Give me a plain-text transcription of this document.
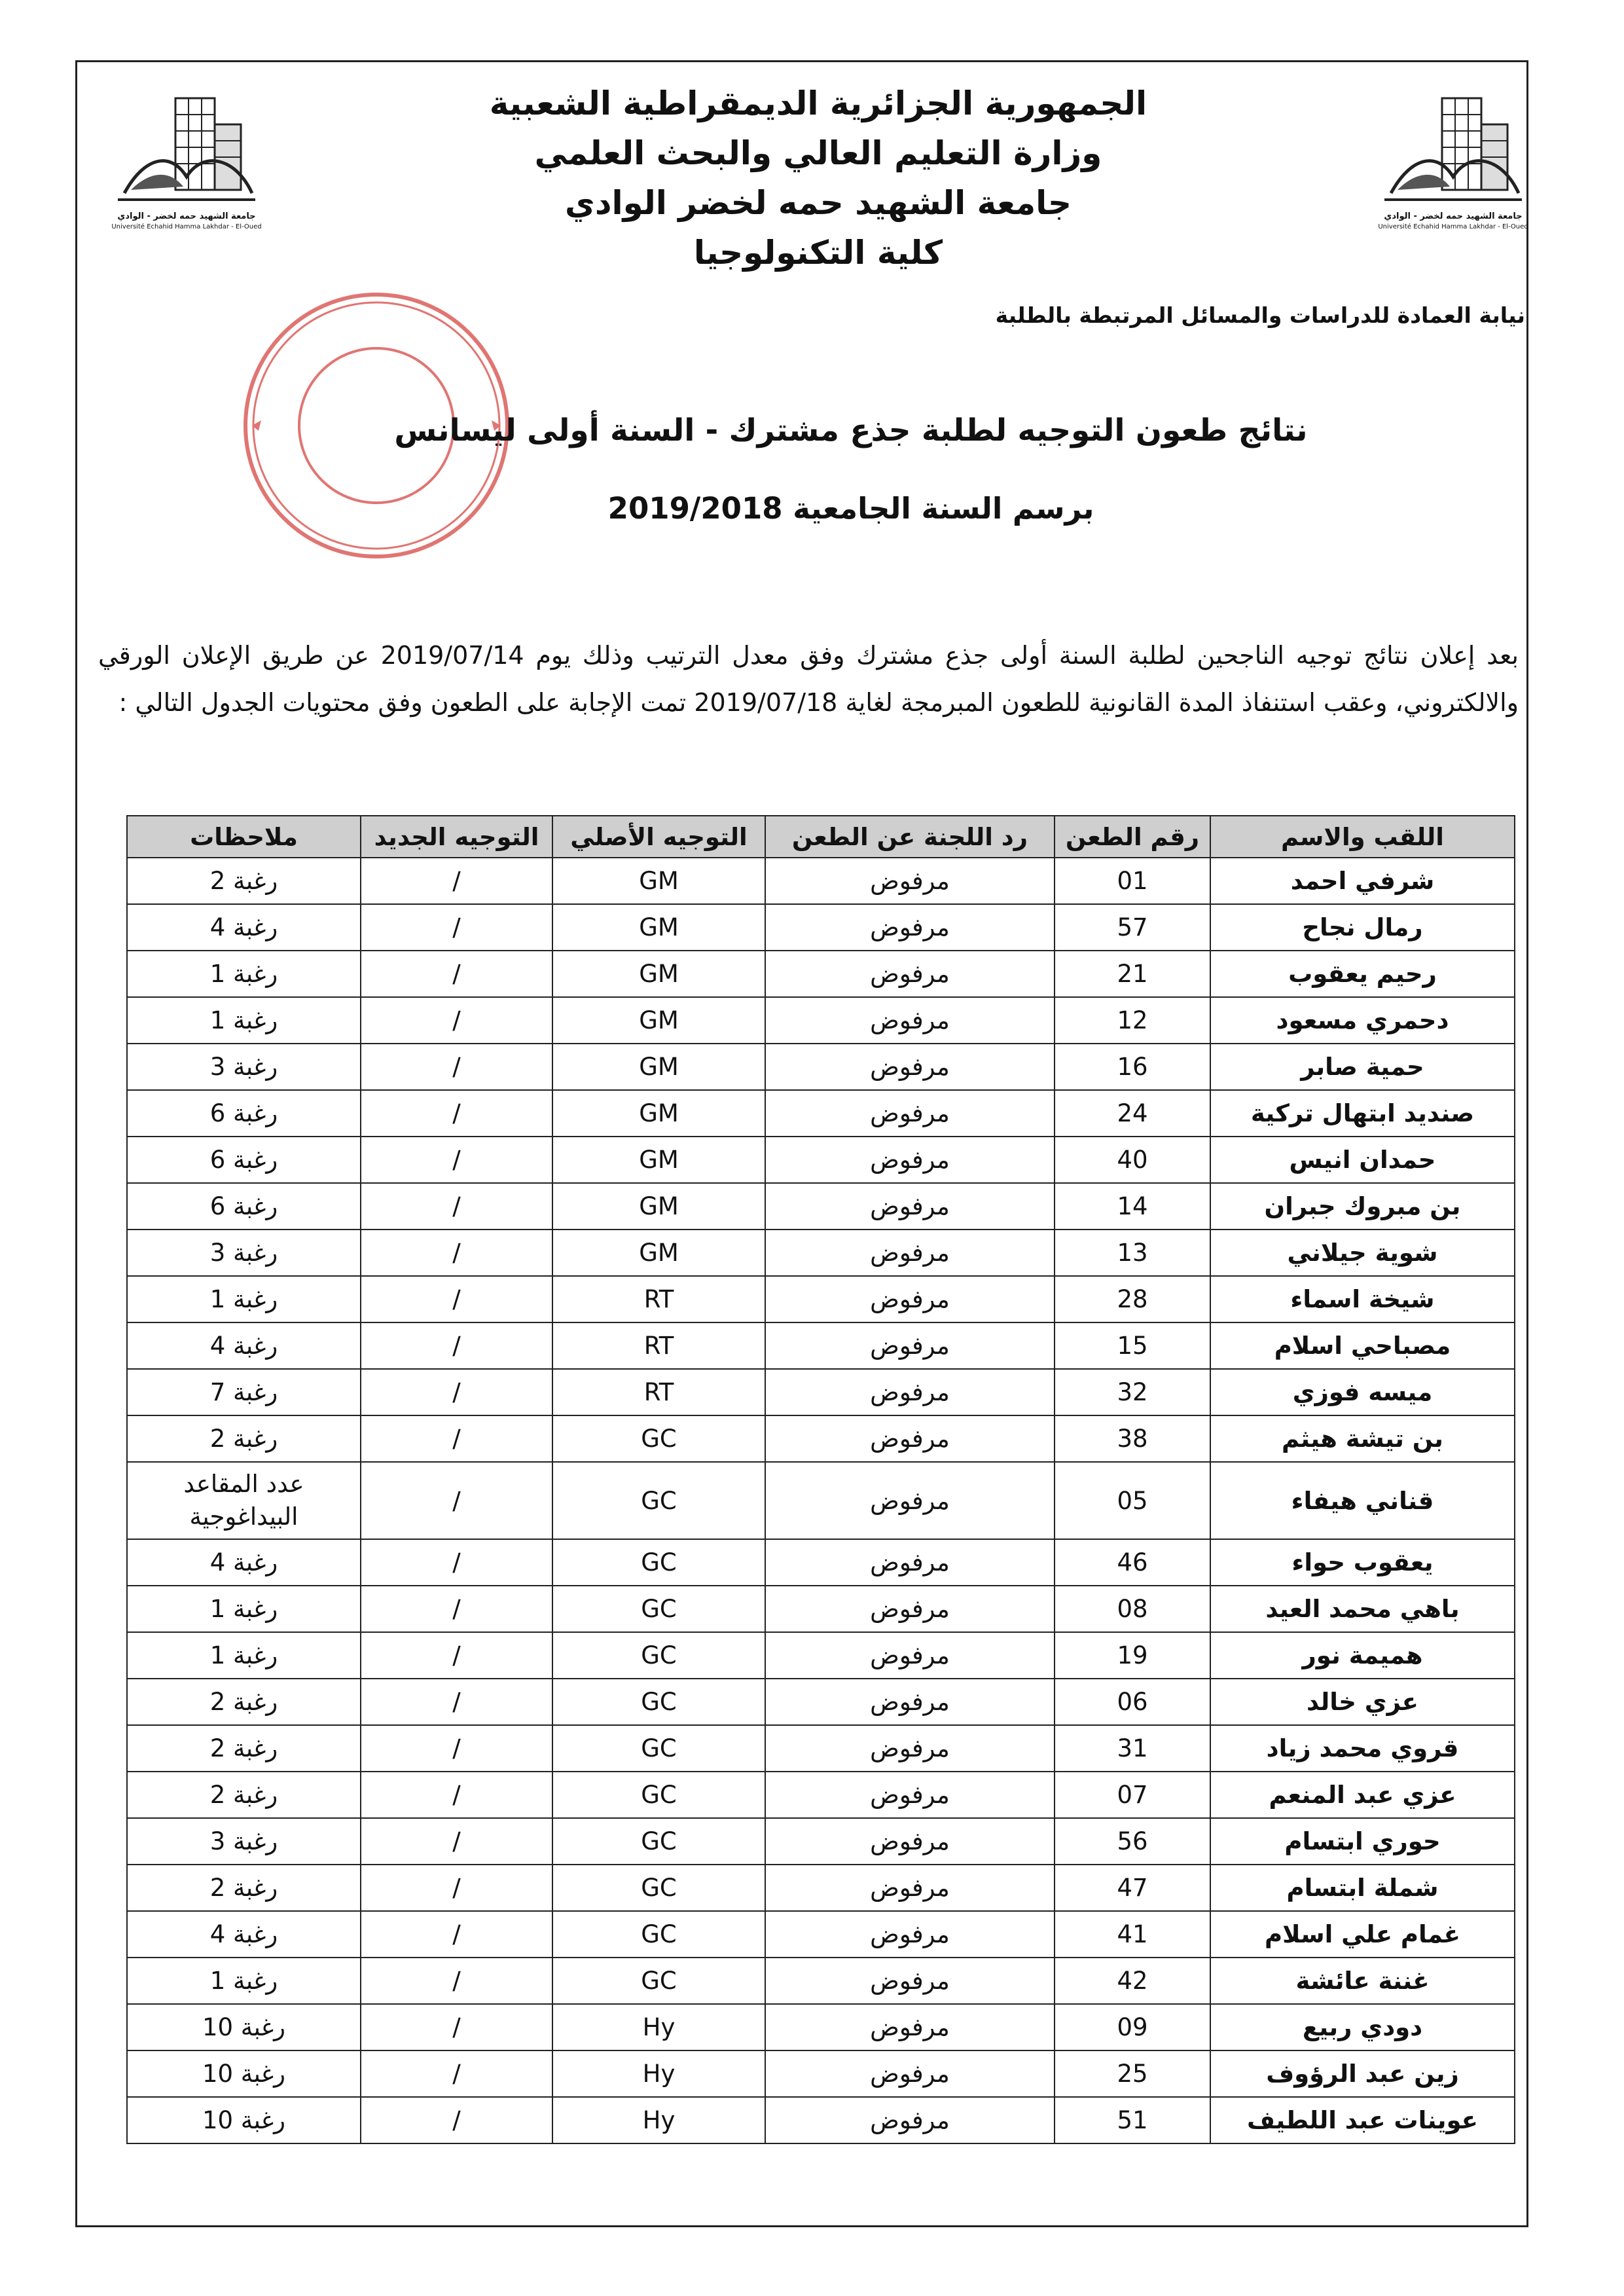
جامعة الشهيد حمه لخضر - الوادي
Université Echahid Hamma Lakhdar - El-Oued
جامعة الشهيد حمه لخضر - الوادي
Université Echahid Hamma Lakhdar - El-Oued
الجمهورية الجزائرية الديمقراطية الشعبية
وزارة التعليم العالي والبحث العلمي
جامعة الشهيد حمه لخضر الوادي
كلية التكنولوجيا
نيابة العمادة للدراسات والمسائل المرتبطة بالطلبة
نتائج طعون التوجيه لطلبة جذع مشترك - السنة أولى ليسانس
برسم السنة الجامعية 2019/2018
بعد إعلان نتائج توجيه الناجحين لطلبة السنة أولى جذع مشترك وفق معدل الترتيب وذلك يوم 2019/07/14 عن طريق الإعلان الورقي والالكتروني، وعقب استنفاذ المدة القانونية للطعون المبرمجة لغاية 2019/07/18 تمت الإجابة على الطعون وفق محتويات الجدول التالي :
اللقب والاسم	رقم الطعن	رد اللجنة عن الطعن	التوجيه الأصلي	التوجيه الجديد	ملاحظات
شرفي احمد	01	مرفوض	GM	/	رغبة 2
رمال نجاح	57	مرفوض	GM	/	رغبة 4
رحيم يعقوب	21	مرفوض	GM	/	رغبة 1
دحمري مسعود	12	مرفوض	GM	/	رغبة 1
حمية صابر	16	مرفوض	GM	/	رغبة 3
صنديد ابتهال تركية	24	مرفوض	GM	/	رغبة 6
حمدان انيس	40	مرفوض	GM	/	رغبة 6
بن مبروك جبران	14	مرفوض	GM	/	رغبة 6
شوية جيلاني	13	مرفوض	GM	/	رغبة 3
شيخة اسماء	28	مرفوض	RT	/	رغبة 1
مصباحي اسلام	15	مرفوض	RT	/	رغبة 4
ميسه فوزي	32	مرفوض	RT	/	رغبة 7
بن تيشة هيثم	38	مرفوض	GC	/	رغبة 2
قناني هيفاء	05	مرفوض	GC	/	عدد المقاعد البيداغوجية
يعقوب حواء	46	مرفوض	GC	/	رغبة 4
باهي محمد العيد	08	مرفوض	GC	/	رغبة 1
هميمة نور	19	مرفوض	GC	/	رغبة 1
عزي خالد	06	مرفوض	GC	/	رغبة 2
قروي محمد زياد	31	مرفوض	GC	/	رغبة 2
عزي عبد المنعم	07	مرفوض	GC	/	رغبة 2
حوري ابتسام	56	مرفوض	GC	/	رغبة 3
شملة ابتسام	47	مرفوض	GC	/	رغبة 2
غمام علي اسلام	41	مرفوض	GC	/	رغبة 4
غننة عائشة	42	مرفوض	GC	/	رغبة 1
دودي ربيع	09	مرفوض	Hy	/	رغبة 10
زين عبد الرؤوف	25	مرفوض	Hy	/	رغبة 10
عوينات عبد اللطيف	51	مرفوض	Hy	/	رغبة 10
